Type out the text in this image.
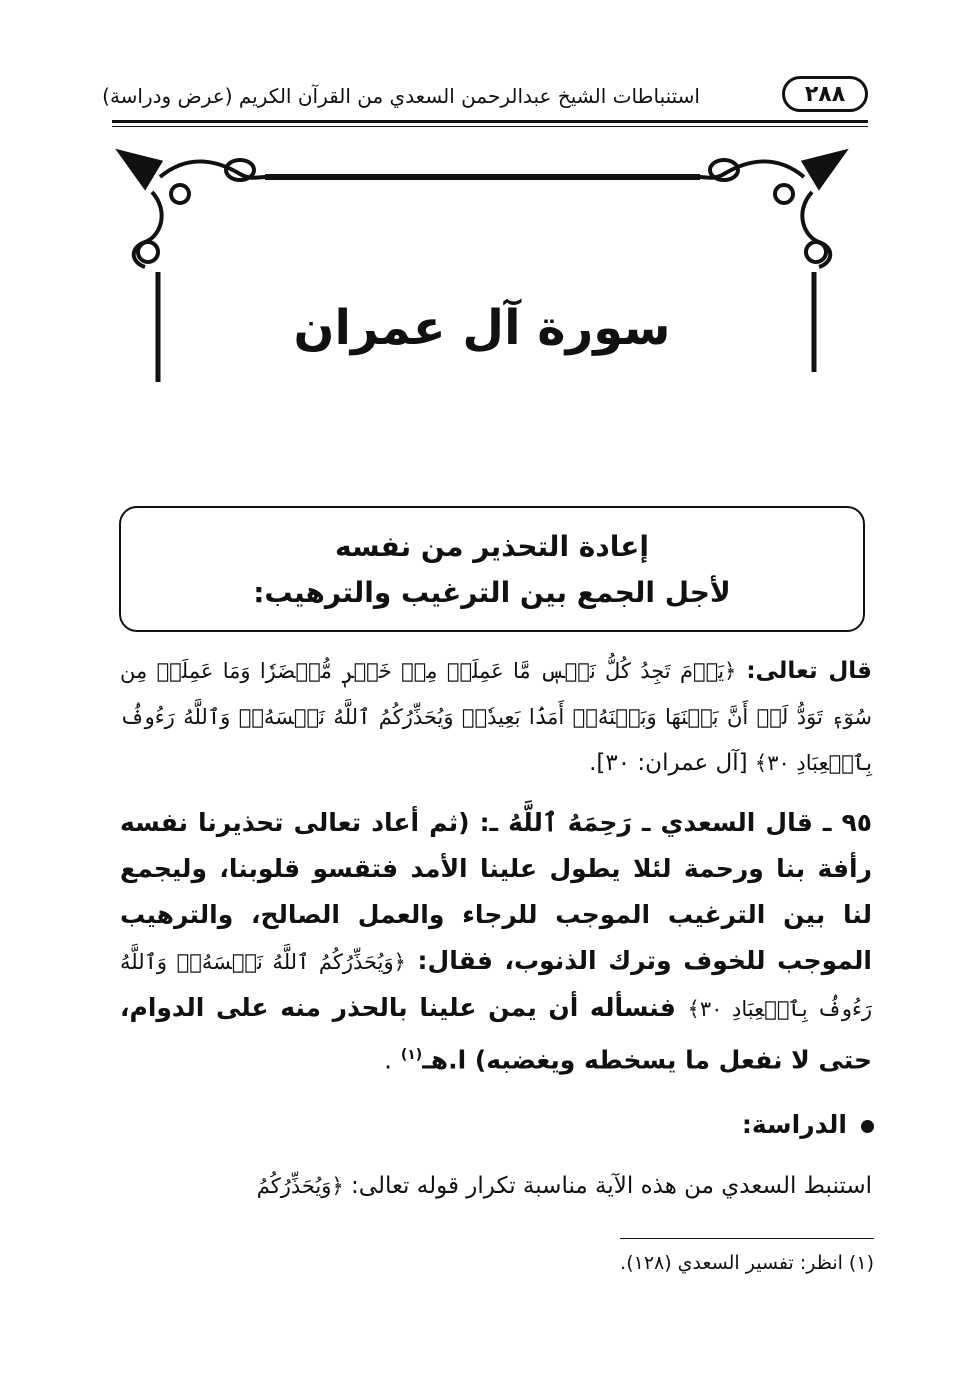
٢٨٨
استنباطات الشيخ عبدالرحمن السعدي من القرآن الكريم (عرض ودراسة)
سورة آل عمران
إعادة التحذير من نفسه
لأجل الجمع بين الترغيب والترهيب:
قال تعالى: ﴿يَوۡمَ تَجِدُ كُلُّ نَفۡسٖ مَّا عَمِلَتۡ مِنۡ خَيۡرٖ مُّحۡضَرٗا وَمَا عَمِلَتۡ مِن سُوٓءٖ تَوَدُّ لَوۡ أَنَّ بَيۡنَهَا وَبَيۡنَهُۥٓ أَمَدَۢا بَعِيدٗاۗ وَيُحَذِّرُكُمُ ٱللَّهُ نَفۡسَهُۥۗ وَٱللَّهُ رَءُوفُۢ بِٱلۡعِبَادِ ٣٠﴾ [آل عمران: ٣٠].
٩٥ ـ قال السعدي ـ رَحِمَهُ ٱللَّهُ ـ: (ثم أعاد تعالى تحذيرنا نفسه رأفة بنا ورحمة لئلا يطول علينا الأمد فتقسو قلوبنا، وليجمع لنا بين الترغيب الموجب للرجاء والعمل الصالح، والترهيب الموجب للخوف وترك الذنوب، فقال: ﴿وَيُحَذِّرُكُمُ ٱللَّهُ نَفۡسَهُۥۗ وَٱللَّهُ رَءُوفُۢ بِٱلۡعِبَادِ ٣٠﴾ فنسأله أن يمن علينا بالحذر منه على الدوام، حتى لا نفعل ما يسخطه ويغضبه) ا.هـ$^{(١)}$ .
الدراسة:
استنبط السعدي من هذه الآية مناسبة تكرار قوله تعالى: ﴿وَيُحَذِّرُكُمُ
(١) انظر: تفسير السعدي (١٢٨).
